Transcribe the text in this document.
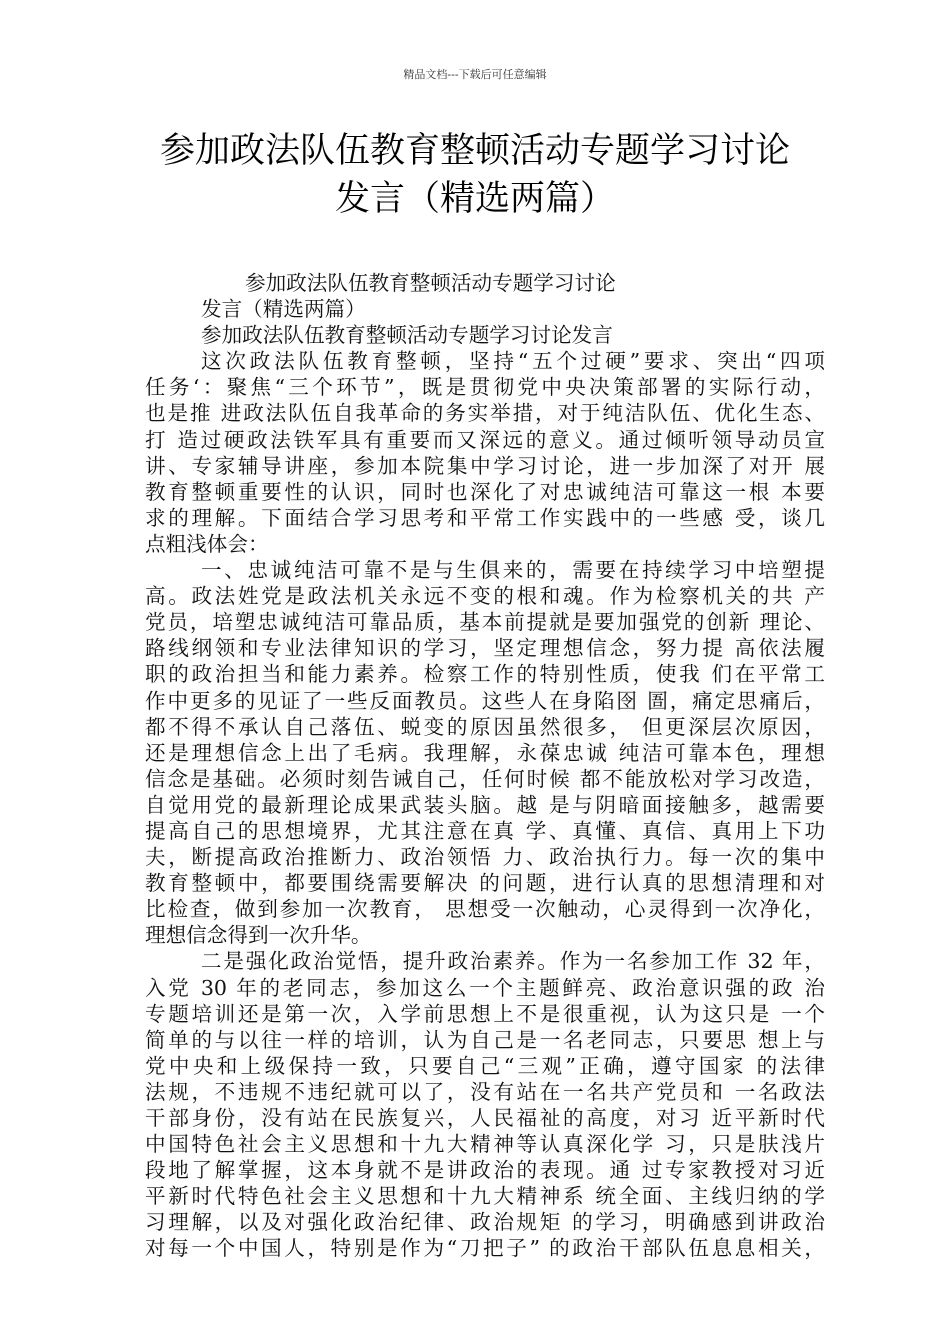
精品文档---下载后可任意编辑
参加政法队伍教育整顿活动专题学习讨论
发言（精选两篇）
参加政法队伍教育整顿活动专题学习讨论
发言（精选两篇）
参加政法队伍教育整顿活动专题学习讨论发言
这次政法队伍教育整顿，坚持“五个过硬”要求、突出“四项
任务‘：聚焦“三个环节”，既是贯彻党中央决策部署的实际行动，
也是推 进政法队伍自我革命的务实举措，对于纯洁队伍、优化生态、
打 造过硬政法铁军具有重要而又深远的意义。通过倾听领导动员宣
讲、专家辅导讲座，参加本院集中学习讨论，进一步加深了对开 展
教育整顿重要性的认识，同时也深化了对忠诚纯洁可靠这一根 本要
求的理解。下面结合学习思考和平常工作实践中的一些感 受，谈几
点粗浅体会：
一、忠诚纯洁可靠不是与生俱来的，需要在持续学习中培塑提
高。政法姓党是政法机关永远不变的根和魂。作为检察机关的共 产
党员，培塑忠诚纯洁可靠品质，基本前提就是要加强党的创新 理论、
路线纲领和专业法律知识的学习，坚定理想信念，努力提 高依法履
职的政治担当和能力素养。检察工作的特别性质，使我 们在平常工
作中更多的见证了一些反面教员。这些人在身陷囹 圄，痛定思痛后，
都不得不承认自己落伍、蜕变的原因虽然很多， 但更深层次原因，
还是理想信念上出了毛病。我理解，永葆忠诚 纯洁可靠本色，理想
信念是基础。必须时刻告诫自己，任何时候 都不能放松对学习改造，
自觉用党的最新理论成果武装头脑。越 是与阴暗面接触多，越需要
提高自己的思想境界，尤其注意在真 学、真懂、真信、真用上下功
夫，断提高政治推断力、政治领悟 力、政治执行力。每一次的集中
教育整顿中，都要围绕需要解决 的问题，进行认真的思想清理和对
比检查，做到参加一次教育， 思想受一次触动，心灵得到一次净化，
理想信念得到一次升华。
二是强化政治觉悟，提升政治素养。作为一名参加工作 32 年，
入党 30 年的老同志，参加这么一个主题鲜亮、政治意识强的政 治
专题培训还是第一次，入学前思想上不是很重视，认为这只是 一个
简单的与以往一样的培训，认为自己是一名老同志，只要思 想上与
党中央和上级保持一致，只要自己“三观”正确，遵守国家 的法律
法规，不违规不违纪就可以了，没有站在一名共产党员和 一名政法
干部身份，没有站在民族复兴，人民福祉的高度，对习 近平新时代
中国特色社会主义思想和十九大精神等认真深化学 习，只是肤浅片
段地了解掌握，这本身就不是讲政治的表现。通 过专家教授对习近
平新时代特色社会主义思想和十九大精神系 统全面、主线归纳的学
习理解，以及对强化政治纪律、政治规矩 的学习，明确感到讲政治
对每一个中国人，特别是作为“刀把子” 的政治干部队伍息息相关，
